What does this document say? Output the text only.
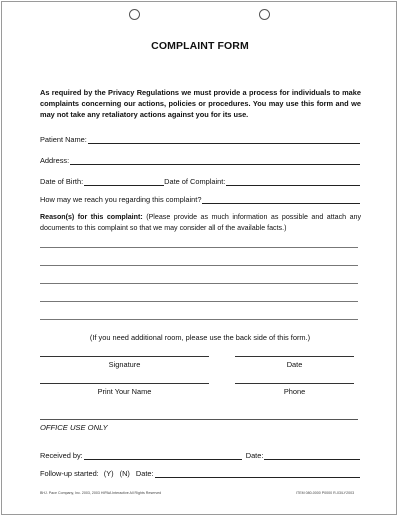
COMPLAINT FORM
As required by the Privacy Regulations we must provide a process for individuals to make complaints concerning our actions, policies or procedures. You may use this form and we may not take any retaliatory actions against you for its use.
Patient Name:
Address:
Date of Birth:	Date of Complaint:
How may we reach you regarding this complaint?
Reason(s) for this complaint: (Please provide as much information as possible and attach any documents to this complaint so that we may consider all of the available facts.)
(If you need additional room, please use the back side of this form.)
Signature	Date
Print Your Name	Phone
OFFICE USE ONLY
Received by:	Date:
Follow-up started: (Y) (N) Date:
BHJ. Pace Company, Inc. 2003, 2003 HIPAA Interactive All Rights Reserved	ITEM 080-0000 P0000 R-03/LY2003
